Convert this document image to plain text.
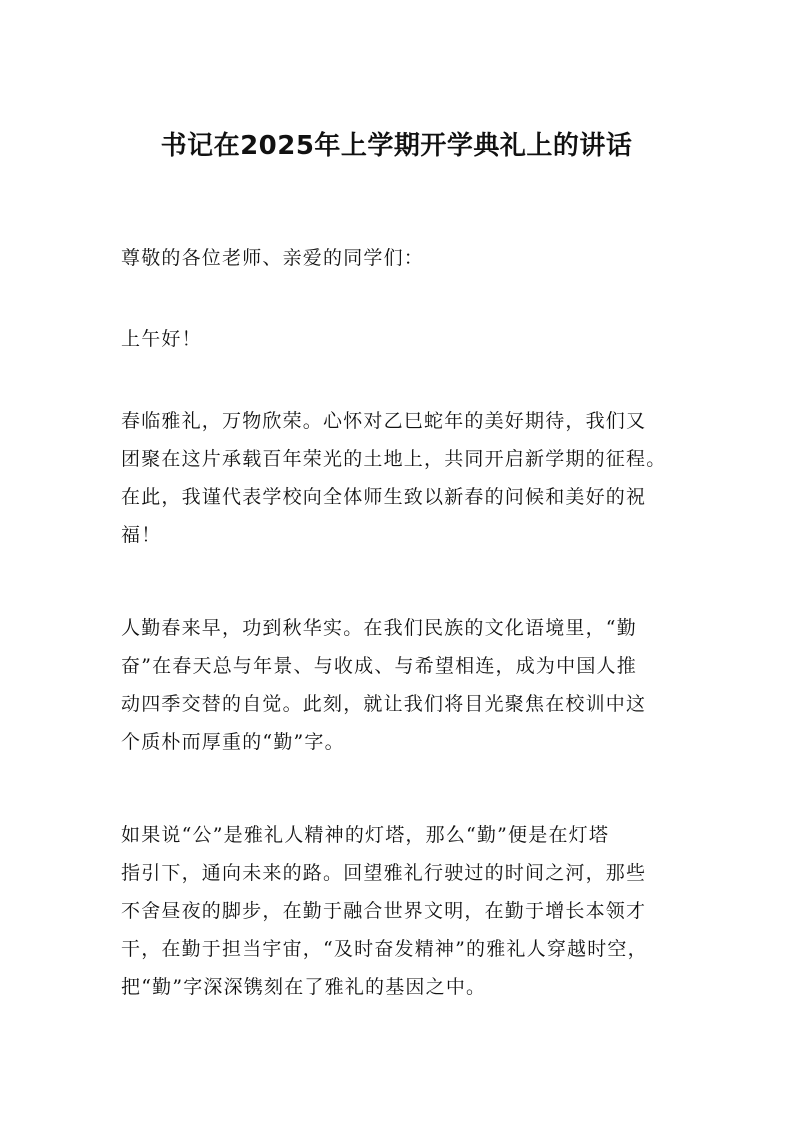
书记在2025年上学期开学典礼上的讲话
尊敬的各位老师、亲爱的同学们：
上午好！
春临雅礼，万物欣荣。心怀对乙巳蛇年的美好期待，我们又
团聚在这片承载百年荣光的土地上，共同开启新学期的征程。
在此，我谨代表学校向全体师生致以新春的问候和美好的祝
福！
人勤春来早，功到秋华实。在我们民族的文化语境里，“勤
奋”在春天总与年景、与收成、与希望相连，成为中国人推
动四季交替的自觉。此刻，就让我们将目光聚焦在校训中这
个质朴而厚重的“勤”字。
如果说“公”是雅礼人精神的灯塔，那么“勤”便是在灯塔
指引下，通向未来的路。回望雅礼行驶过的时间之河，那些
不舍昼夜的脚步，在勤于融合世界文明，在勤于增长本领才
干，在勤于担当宇宙，“及时奋发精神”的雅礼人穿越时空，
把“勤”字深深镌刻在了雅礼的基因之中。
